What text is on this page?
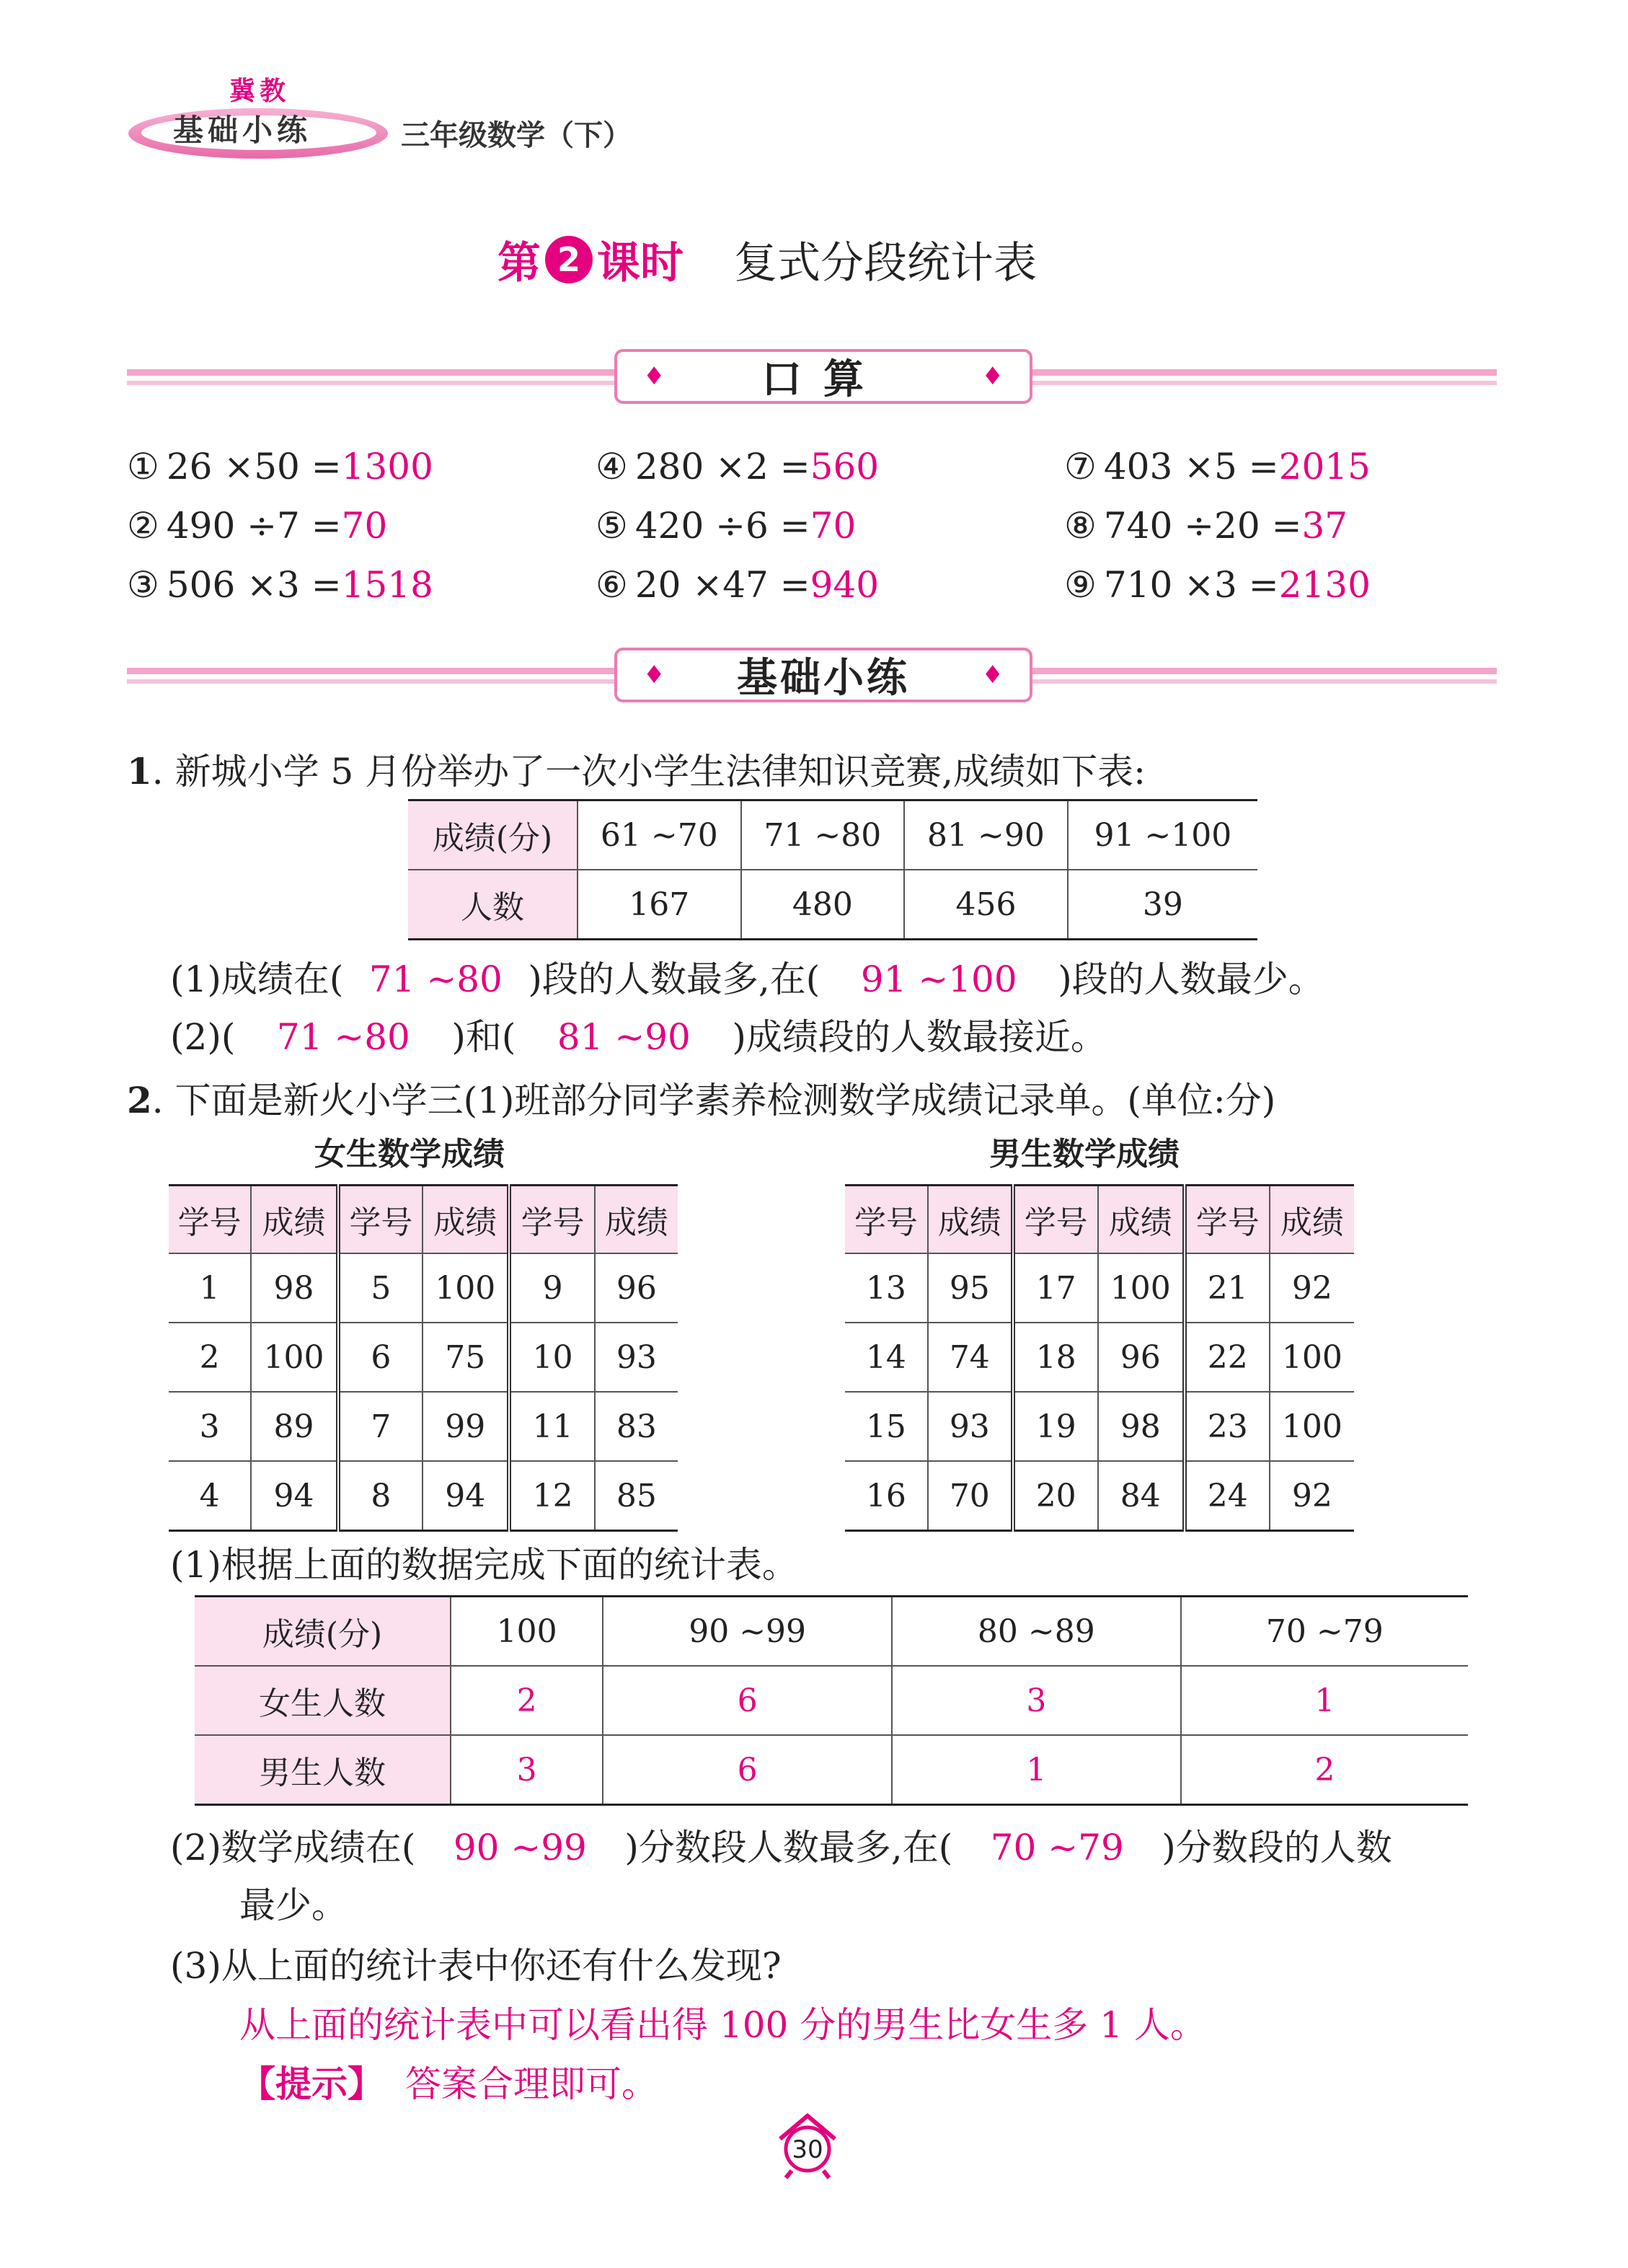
冀教
基础小练	三年级数学（下）
第 2 课时 复式分段统计表
♦ 口算	♦
① 26 ×50 =1300
② 490 ÷7 =70
③ 506 ×3 =1518
④ 280 ×2 =560
⑤ 420 ÷6 =70
⑥ 20 ×47 =940
⑦ 403 ×5 =2015
⑧ 740 ÷20 =37
⑨ 710 ×3 =2130
♦ 基础小练	♦
1. 新城小学 5 月份举办了一次小学生法律知识竞赛,成绩如下表:
成绩(分)	61 ~70	71 ~80	81 ~90	91 ~100
人数	167	480	456	39
(1)成绩在( 71 ~80 )段的人数最多,在( 91 ~100 )段的人数最少。
(2)( 71 ~80 )和( 81 ~90 )成绩段的人数最接近。
2. 下面是新火小学三(1)班部分同学素养检测数学成绩记录单。(单位:分)
女生数学成绩	男生数学成绩
学号	成绩	学号	成绩	学号	成绩
1	98	5	100	9	96
2	100	6	75	10	93
3	89	7	99	11	83
4	94	8	94	12	85
学号	成绩	学号	成绩	学号	成绩
13	95	17	100	21	92
14	74	18	96	22	100
15	93	19	98	23	100
16	70	20	84	24	92
(1)根据上面的数据完成下面的统计表。
成绩(分)	100	90 ~99	80 ~89	70 ~79
女生人数	2	6	3	1
男生人数	3	6	1	2
(2)数学成绩在( 90 ~99 )分数段人数最多,在( 70 ~79 )分数段的人数
最少。
(3)从上面的统计表中你还有什么发现?
从上面的统计表中可以看出得 100 分的男生比女生多 1 人。
【提示】 答案合理即可。
30
